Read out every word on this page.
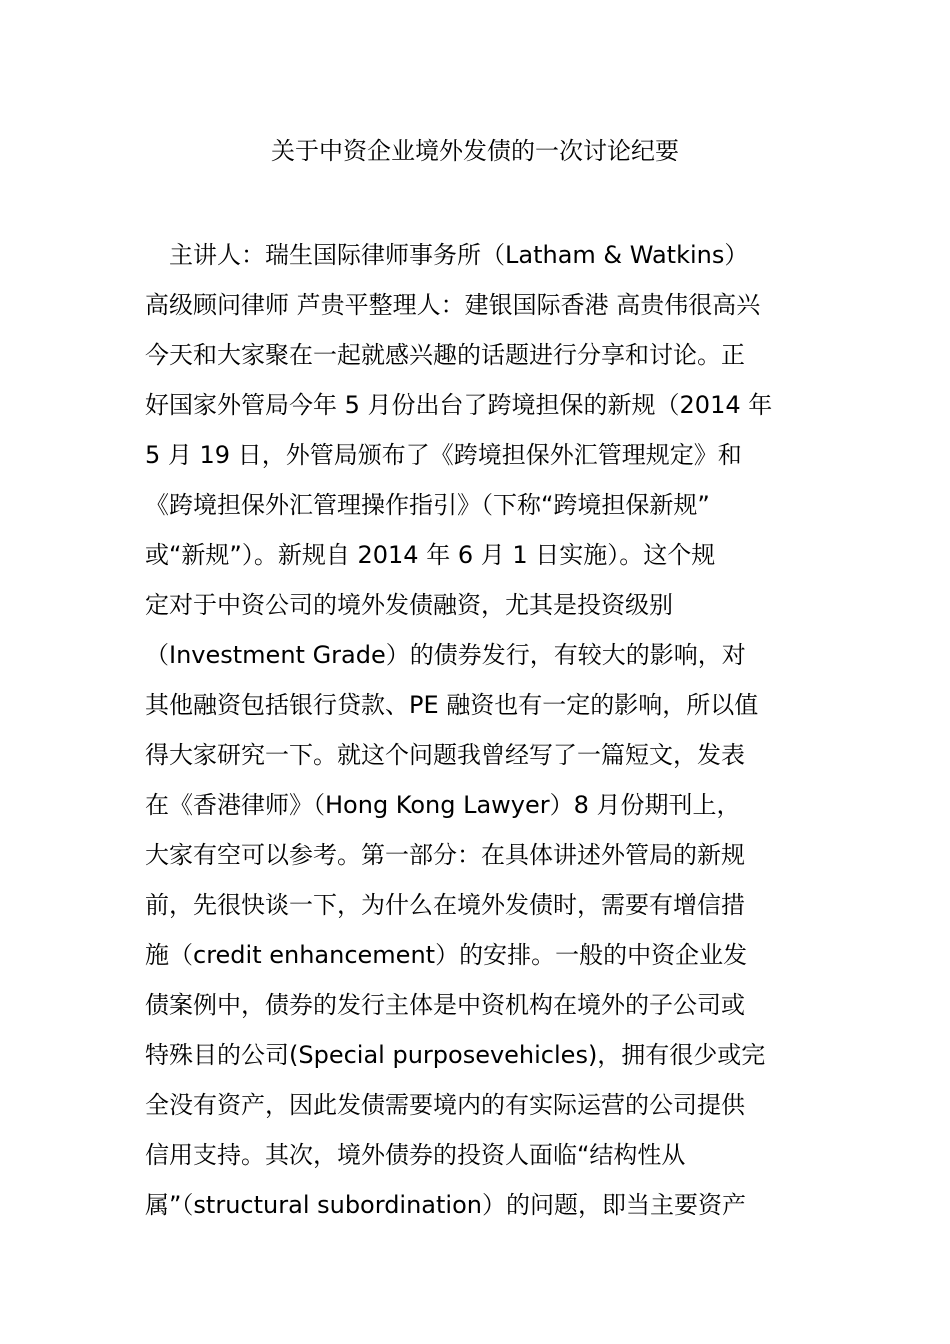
关于中资企业境外发债的一次讨论纪要
　主讲人：瑞生国际律师事务所（Latham & Watkins）
高级顾问律师 芦贵平整理人：建银国际香港 高贵伟很高兴
今天和大家聚在一起就感兴趣的话题进行分享和讨论。正
好国家外管局今年 5 月份出台了跨境担保的新规（2014 年
5 月 19 日，外管局颁布了《跨境担保外汇管理规定》和
《跨境担保外汇管理操作指引》（下称“跨境担保新规”
或“新规”）。新规自 2014 年 6 月 1 日实施）。这个规
定对于中资公司的境外发债融资，尤其是投资级别
（Investment Grade）的债券发行，有较大的影响，对
其他融资包括银行贷款、PE 融资也有一定的影响，所以值
得大家研究一下。就这个问题我曾经写了一篇短文，发表
在《香港律师》（Hong Kong Lawyer）8 月份期刊上，
大家有空可以参考。第一部分：在具体讲述外管局的新规
前，先很快谈一下，为什么在境外发债时，需要有增信措
施（credit enhancement）的安排。一般的中资企业发
债案例中，债券的发行主体是中资机构在境外的子公司或
特殊目的公司(Special purposevehicles)，拥有很少或完
全没有资产，因此发债需要境内的有实际运营的公司提供
信用支持。其次，境外债券的投资人面临“结构性从
属”（structural subordination）的问题，即当主要资产
